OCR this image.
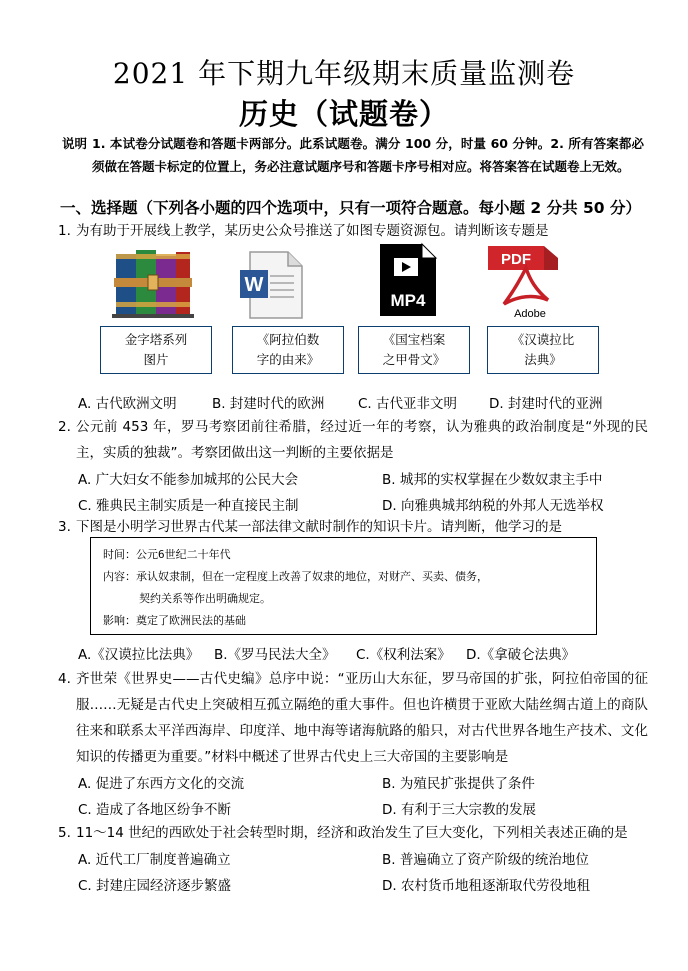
2021 年下期九年级期末质量监测卷
历史（试题卷）
说明 1. 本试卷分试题卷和答题卡两部分。此系试题卷。满分 100 分，时量 60 分钟。2. 所有答案都必须做在答题卡标定的位置上，务必注意试题序号和答题卡序号相对应。将答案答在试题卷上无效。
一、选择题（下列各小题的四个选项中，只有一项符合题意。每小题 2 分共 50 分）
1. 为有助于开展线上教学，某历史公众号推送了如图专题资源包。请判断该专题是
W
MP4
PDF
Adobe
金字塔系列
图片
《阿拉伯数
字的由来》
《国宝档案
之甲骨文》
《汉谟拉比
法典》
A. 古代欧洲文明	B. 封建时代的欧洲 C. 古代亚非文明 D. 封建时代的亚洲
2. 公元前 453 年，罗马考察团前往希腊，经过近一年的考察，认为雅典的政治制度是“外现的民主，实质的独裁”。考察团做出这一判断的主要依据是
A. 广大妇女不能参加城邦的公民大会	B. 城邦的实权掌握在少数奴隶主手中
C. 雅典民主制实质是一种直接民主制	D. 向雅典城邦纳税的外邦人无选举权
3. 下图是小明学习世界古代某一部法律文献时制作的知识卡片。请判断，他学习的是
时间：公元6世纪二十年代
内容：承认奴隶制，但在一定程度上改善了奴隶的地位，对财产、买卖、债务，
契约关系等作出明确规定。
影响：奠定了欧洲民法的基础
A.《汉谟拉比法典》 B.《罗马民法大全》 C.《权利法案》 D.《拿破仑法典》
4. 齐世荣《世界史——古代史编》总序中说：“亚历山大东征，罗马帝国的扩张，阿拉伯帝国的征服……无疑是古代史上突破相互孤立隔绝的重大事件。但也许横贯于亚欧大陆丝绸古道上的商队往来和联系太平洋西海岸、印度洋、地中海等诸海航路的船只，对古代世界各地生产技术、文化知识的传播更为重要。”材料中概述了世界古代史上三大帝国的主要影响是
A. 促进了东西方文化的交流	B. 为殖民扩张提供了条件
C. 造成了各地区纷争不断	D. 有利于三大宗教的发展
5. 11～14 世纪的西欧处于社会转型时期，经济和政治发生了巨大变化，下列相关表述正确的是
A. 近代工厂制度普遍确立	B. 普遍确立了资产阶级的统治地位
C. 封建庄园经济逐步繁盛	D. 农村货币地租逐渐取代劳役地租
